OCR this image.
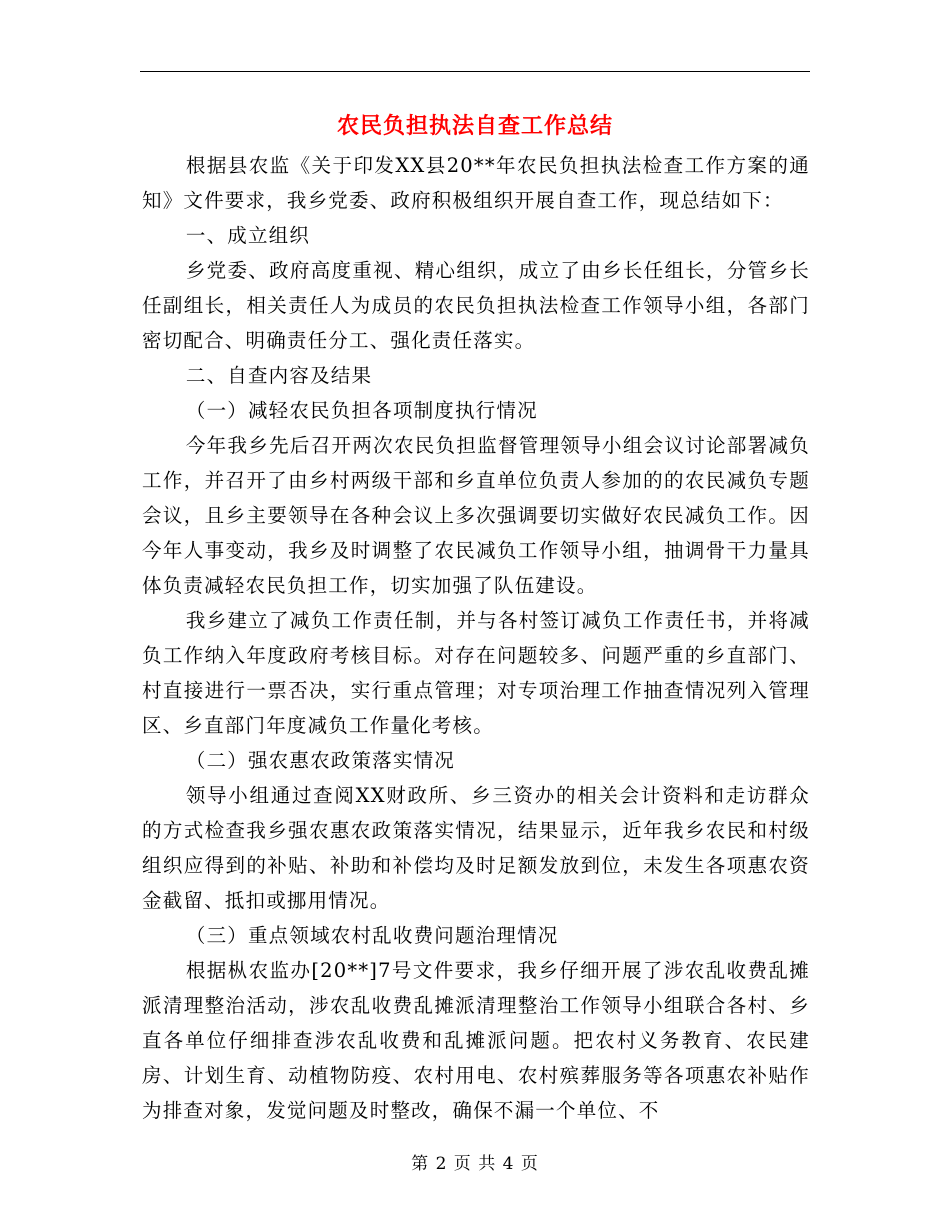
农民负担执法自查工作总结

根据县农监《关于印发XX县20**年农民负担执法检查工作方案的通知》文件要求，我乡党委、政府积极组织开展自查工作，现总结如下：

一、成立组织

乡党委、政府高度重视、精心组织，成立了由乡长任组长，分管乡长任副组长，相关责任人为成员的农民负担执法检查工作领导小组，各部门密切配合、明确责任分工、强化责任落实。

二、自查内容及结果

（一）减轻农民负担各项制度执行情况

今年我乡先后召开两次农民负担监督管理领导小组会议讨论部署减负工作，并召开了由乡村两级干部和乡直单位负责人参加的的农民减负专题会议，且乡主要领导在各种会议上多次强调要切实做好农民减负工作。因今年人事变动，我乡及时调整了农民减负工作领导小组，抽调骨干力量具体负责减轻农民负担工作，切实加强了队伍建设。

我乡建立了减负工作责任制，并与各村签订减负工作责任书，并将减负工作纳入年度政府考核目标。对存在问题较多、问题严重的乡直部门、村直接进行一票否决，实行重点管理；对专项治理工作抽查情况列入管理区、乡直部门年度减负工作量化考核。

（二）强农惠农政策落实情况

领导小组通过查阅XX财政所、乡三资办的相关会计资料和走访群众的方式检查我乡强农惠农政策落实情况，结果显示，近年我乡农民和村级组织应得到的补贴、补助和补偿均及时足额发放到位，未发生各项惠农资金截留、抵扣或挪用情况。

（三）重点领域农村乱收费问题治理情况

根据枞农监办[20**]7号文件要求，我乡仔细开展了涉农乱收费乱摊派清理整治活动，涉农乱收费乱摊派清理整治工作领导小组联合各村、乡直各单位仔细排查涉农乱收费和乱摊派问题。把农村义务教育、农民建房、计划生育、动植物防疫、农村用电、农村殡葬服务等各项惠农补贴作为排查对象，发觉问题及时整改，确保不漏一个单位、不

第 2 页 共 4 页
